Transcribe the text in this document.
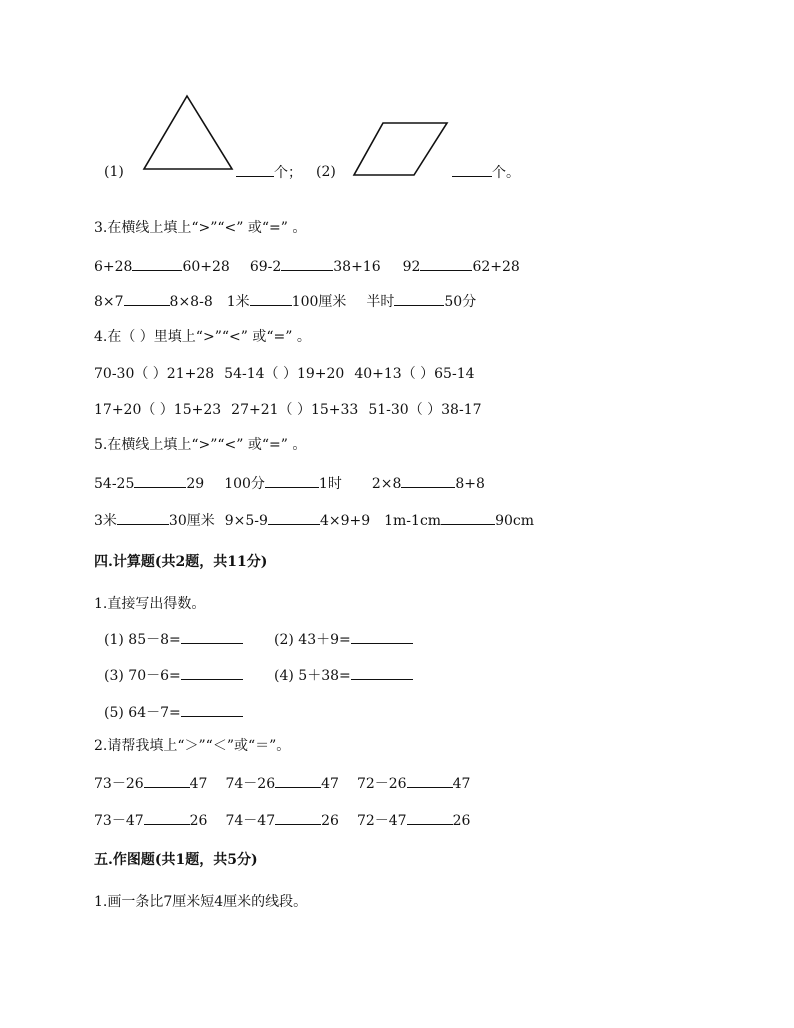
(1)	个； (2)	个。
3.在横线上填上“>”“<” 或“=” 。
6+28	60+28 69-2	38+16 92	62+28
8×7	8×8-8 1米	100厘米 半时	50分
4.在（ ）里填上“>”“<” 或“=” 。
70-30（ ）21+28 54-14（ ）19+20 40+13（ ）65-14
17+20（ ）15+23 27+21（ ）15+33 51-30（ ）38-17
5.在横线上填上“>”“<” 或“=” 。
54-25	29 100分	1时 2×8	8+8
3米	30厘米 9×5-9	4×9+9 1m-1cm	90cm
四.计算题(共2题，共11分)
1.直接写出得数。
(1) 85－8=	(2) 43＋9=
(3) 70－6=	(4) 5＋38=
(5) 64－7=
2.请帮我填上“＞”“＜”或“＝”。
73－26	47 74－26	47 72－26	47
73－47	26 74－47	26 72－47	26
五.作图题(共1题，共5分)
1.画一条比7厘米短4厘米的线段。
